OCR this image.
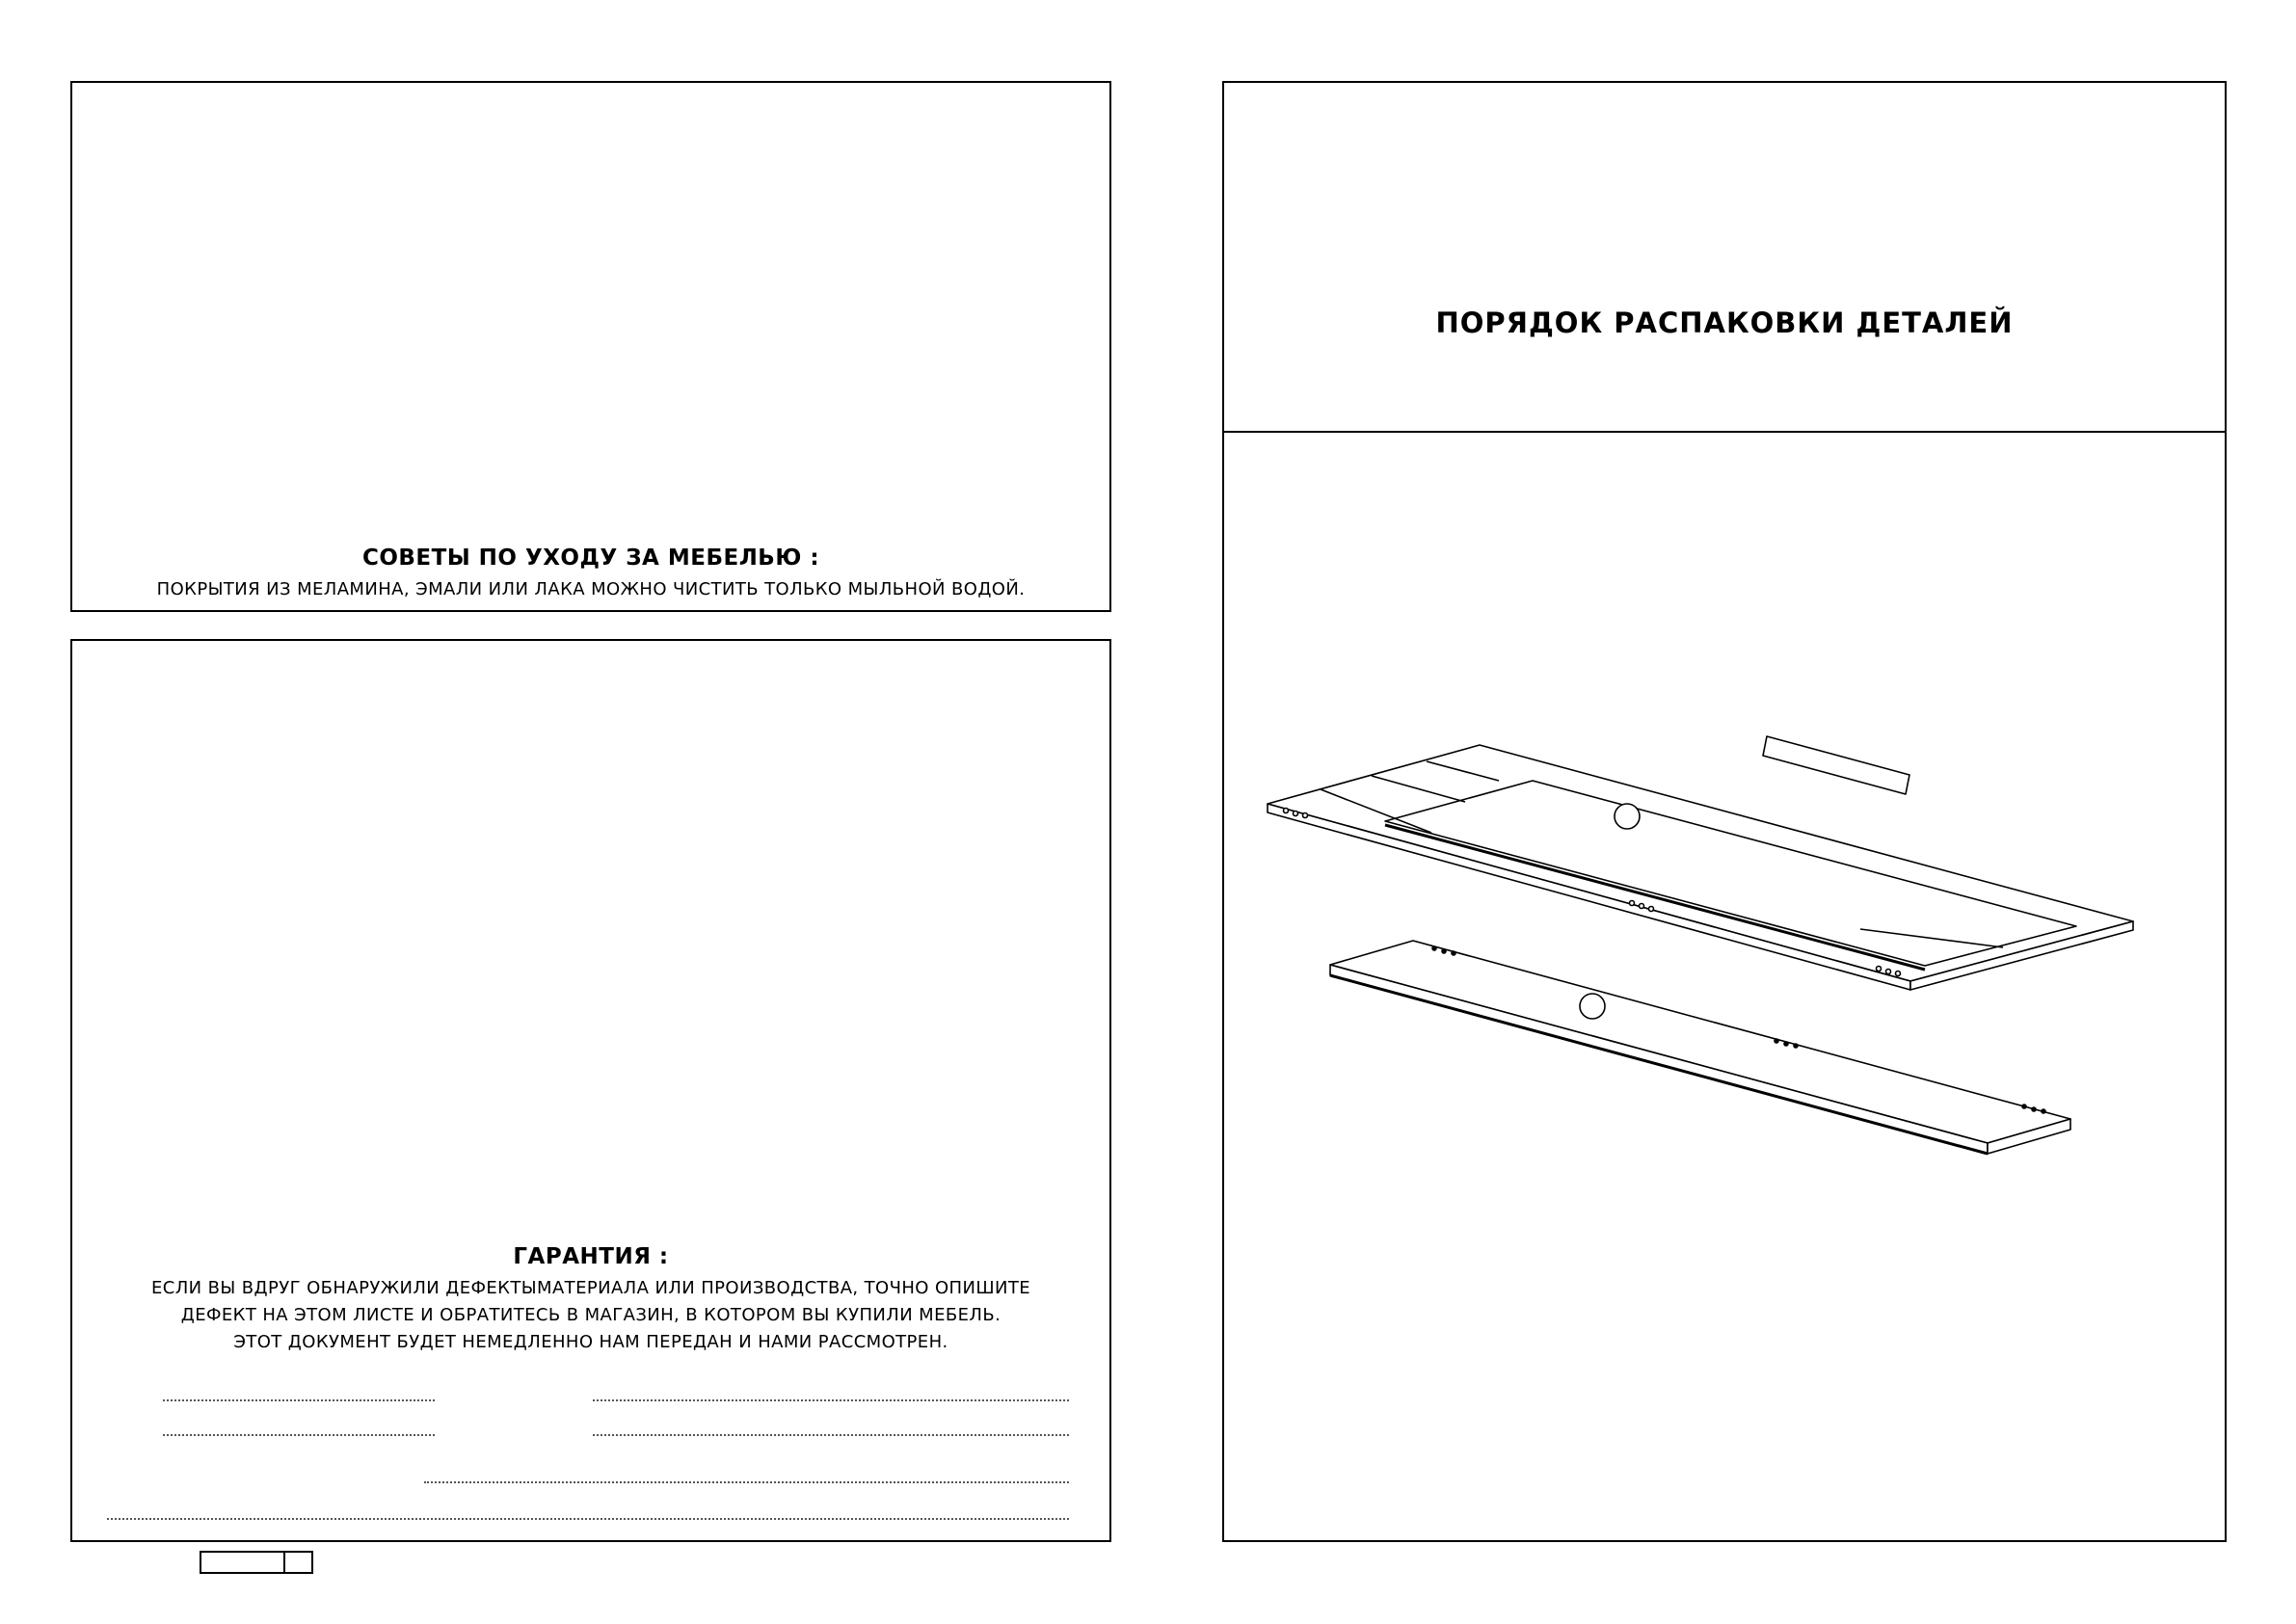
СОВЕТЫ ПО УХОДУ ЗА МЕБЕЛЬЮ :
ПОКРЫТИЯ ИЗ МЕЛАМИНА, ЭМАЛИ ИЛИ ЛАКА МОЖНО ЧИСТИТЬ ТОЛЬКО МЫЛЬНОЙ ВОДОЙ.
ГАРАНТИЯ :
ЕСЛИ ВЫ ВДРУГ ОБНАРУЖИЛИ ДЕФЕКТЫМАТЕРИАЛА ИЛИ ПРОИЗВОДСТВА, ТОЧНО ОПИШИТЕ
ДЕФЕКТ НА ЭТОМ ЛИСТЕ И ОБРАТИТЕСЬ В МАГАЗИН, В КОТОРОМ ВЫ КУПИЛИ МЕБЕЛЬ.
ЭТОТ ДОКУМЕНТ БУДЕТ НЕМЕДЛЕННО НАМ ПЕРЕДАН И НАМИ РАССМОТРЕН.
ПОРЯДОК РАСПАКОВКИ ДЕТАЛЕЙ
